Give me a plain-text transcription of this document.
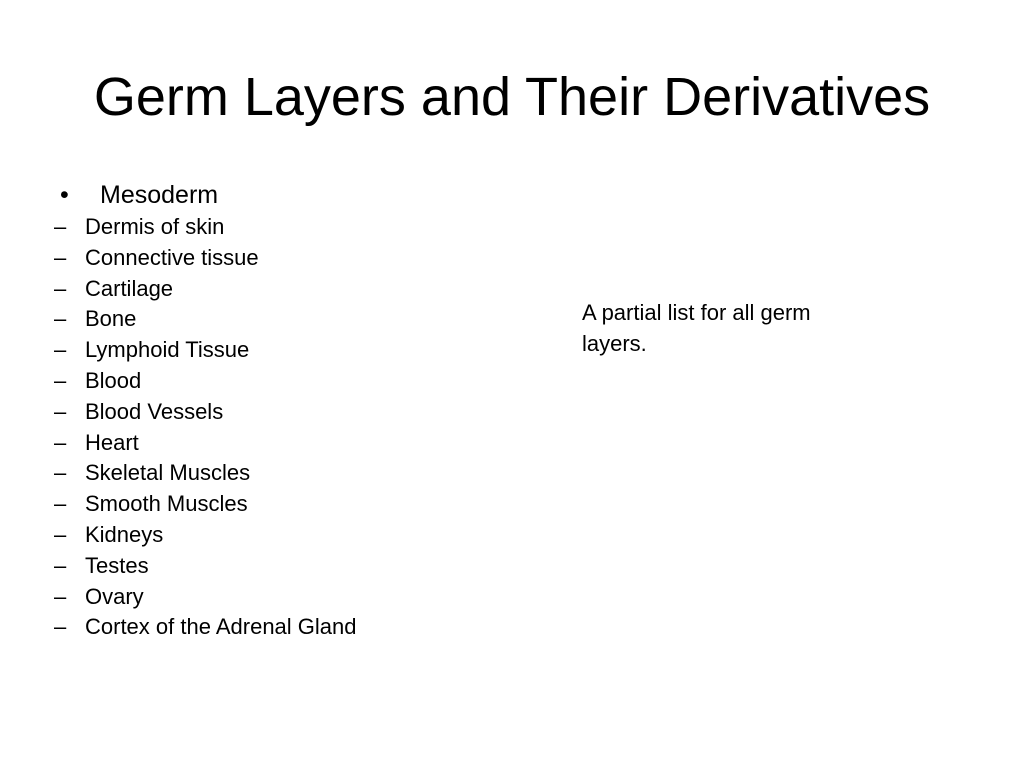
Germ Layers and Their Derivatives
•	Mesoderm
– Dermis of skin
– Connective tissue
– Cartilage
– Bone
– Lymphoid Tissue
– Blood
– Blood Vessels
– Heart
– Skeletal Muscles
– Smooth Muscles
– Kidneys
– Testes
– Ovary
– Cortex of the Adrenal Gland

A partial list for all germ layers.
